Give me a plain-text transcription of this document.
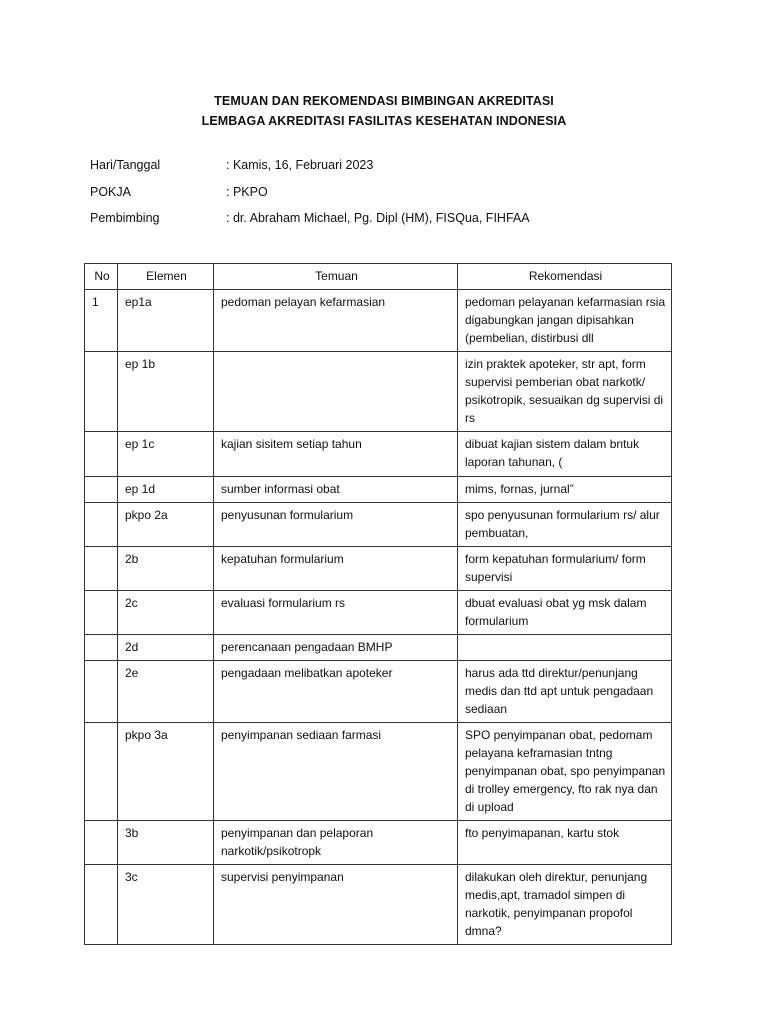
TEMUAN DAN REKOMENDASI BIMBINGAN AKREDITASI
LEMBAGA AKREDITASI FASILITAS KESEHATAN INDONESIA
Hari/Tanggal	: Kamis, 16, Februari 2023
POKJA	: PKPO
Pembimbing	: dr. Abraham Michael, Pg. Dipl (HM), FISQua, FIHFAA
No	Elemen	Temuan	Rekomendasi
1	ep1a	pedoman pelayan kefarmasian	pedoman pelayanan kefarmasian rsia digabungkan jangan dipisahkan (pembelian, distirbusi dll
	ep 1b		izin praktek apoteker, str apt, form supervisi pemberian obat narkotk/ psikotropik, sesuaikan dg supervisi di rs
	ep 1c	kajian sisitem setiap tahun	dibuat kajian sistem dalam bntuk laporan tahunan, (
	ep 1d	sumber informasi obat	mims, fornas, jurnal”
	pkpo 2a	penyusunan formularium	spo penyusunan formularium rs/ alur pembuatan,
	2b	kepatuhan formularium	form kepatuhan formularium/ form supervisi
	2c	evaluasi formularium rs	dbuat evaluasi obat yg msk dalam formularium
	2d	perencanaan pengadaan BMHP	
	2e	pengadaan melibatkan apoteker	harus ada ttd direktur/penunjang medis dan ttd apt untuk pengadaan sediaan
	pkpo 3a	penyimpanan sediaan farmasi	SPO penyimpanan obat, pedomam pelayana keframasian tntng penyimpanan obat, spo penyimpanan di trolley emergency, fto rak nya dan di upload
	3b	penyimpanan dan pelaporan narkotik/psikotropk	fto penyimapanan, kartu stok
	3c	supervisi penyimpanan	dilakukan oleh direktur, penunjang medis,apt, tramadol simpen di narkotik, penyimpanan propofol dmna?
